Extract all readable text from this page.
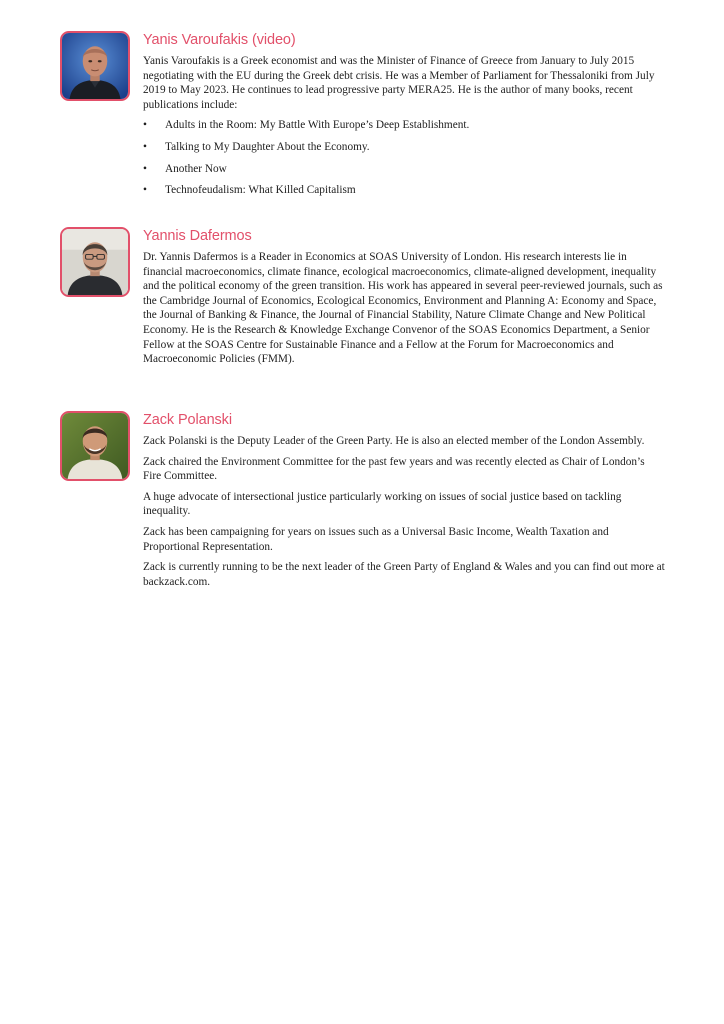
Yanis Varoufakis (video)

Yanis Varoufakis is a Greek economist and was the Minister of Finance of Greece from January to July 2015 negotiating with the EU during the Greek debt crisis. He was a Member of Parliament for Thessaloniki from July 2019 to May 2023. He continues to lead progressive party MERA25. He is the author of many books, recent publications include:

• Adults in the Room: My Battle With Europe’s Deep Establishment.
• Talking to My Daughter About the Economy.
• Another Now
• Technofeudalism: What Killed Capitalism
Yannis Dafermos

Dr. Yannis Dafermos is a Reader in Economics at SOAS University of London. His research interests lie in financial macroeconomics, climate finance, ecological macroeconomics, climate-aligned development, inequality and the political economy of the green transition. His work has appeared in several peer-reviewed journals, such as the Cambridge Journal of Economics, Ecological Economics, Environment and Planning A: Economy and Space, the Journal of Banking & Finance, the Journal of Financial Stability, Nature Climate Change and New Political Economy. He is the Research & Knowledge Exchange Convenor of the SOAS Economics Department, a Senior Fellow at the SOAS Centre for Sustainable Finance and a Fellow at the Forum for Macroeconomics and Macroeconomic Policies (FMM).

Zack Polanski

Zack Polanski is the Deputy Leader of the Green Party. He is also an elected member of the London Assembly.

Zack chaired the Environment Committee for the past few years and was recently elected as Chair of London’s Fire Committee.

A huge advocate of intersectional justice particularly working on issues of social justice based on tackling inequality.

Zack has been campaigning for years on issues such as a Universal Basic Income, Wealth Taxation and Proportional Representation.

Zack is currently running to be the next leader of the Green Party of England & Wales and you can find out more at backzack.com.
